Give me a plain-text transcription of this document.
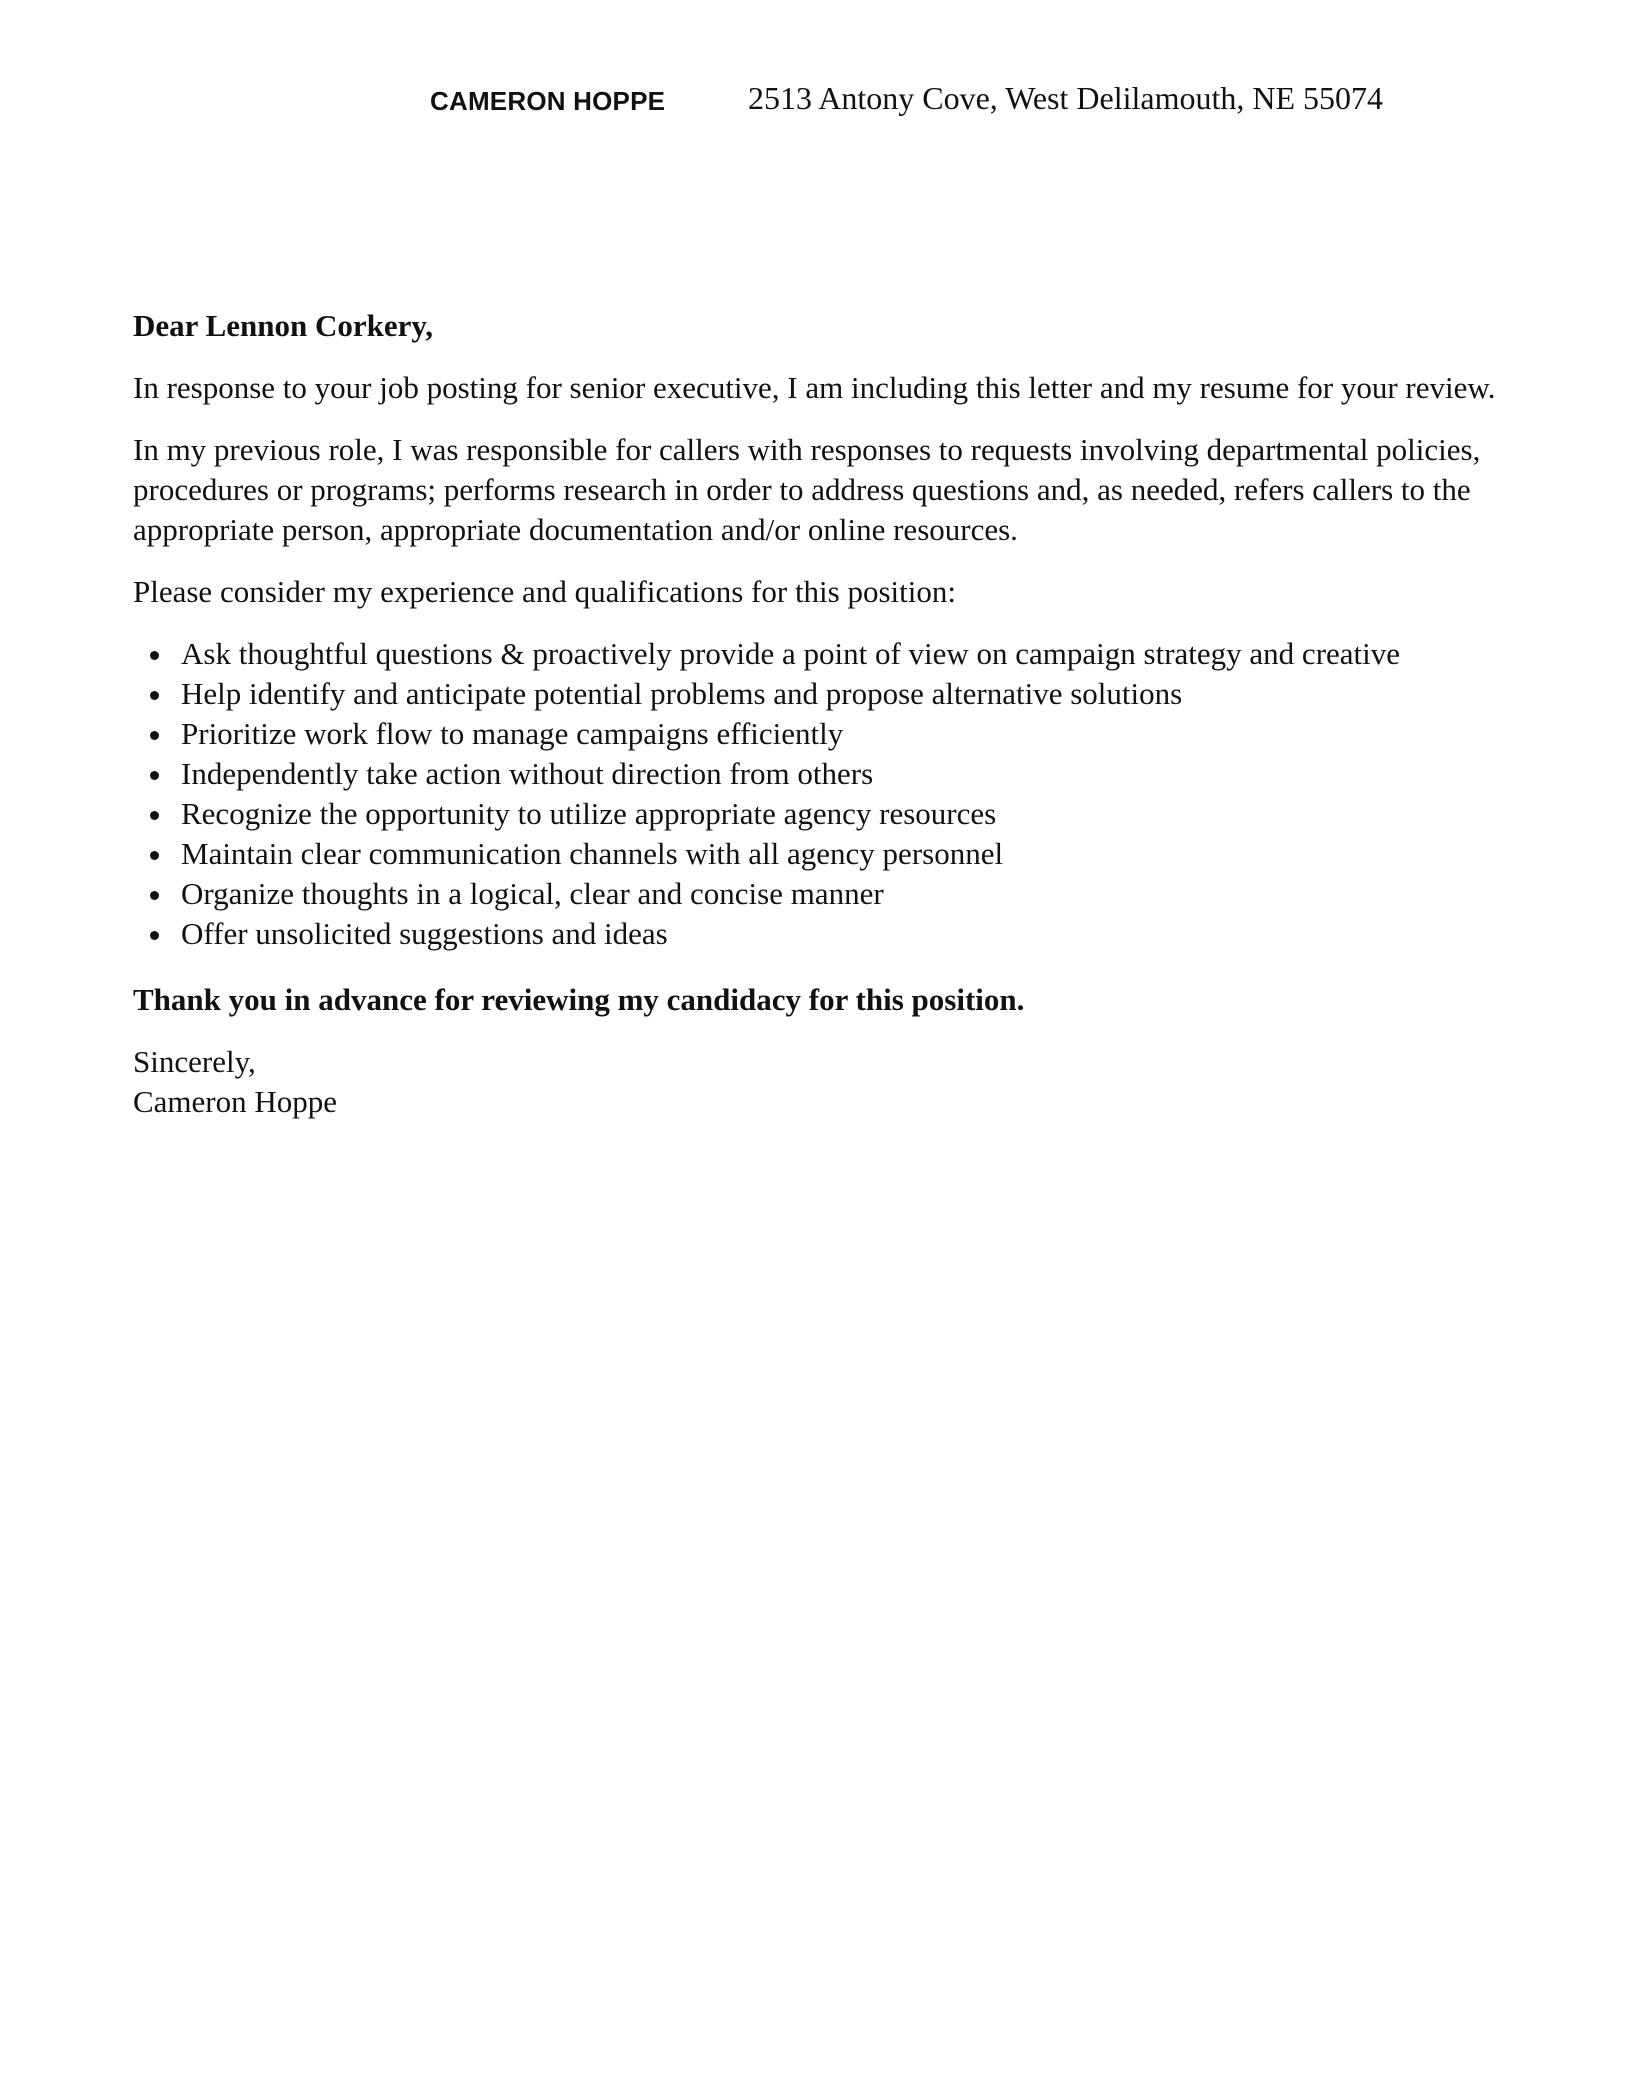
CAMERON HOPPE	2513 Antony Cove, West Delilamouth, NE 55074

Dear Lennon Corkery,

In response to your job posting for senior executive, I am including this letter and my resume for your review.

In my previous role, I was responsible for callers with responses to requests involving departmental policies, procedures or programs; performs research in order to address questions and, as needed, refers callers to the appropriate person, appropriate documentation and/or online resources.

Please consider my experience and qualifications for this position:

Ask thoughtful questions & proactively provide a point of view on campaign strategy and creative
Help identify and anticipate potential problems and propose alternative solutions
Prioritize work flow to manage campaigns efficiently
Independently take action without direction from others
Recognize the opportunity to utilize appropriate agency resources
Maintain clear communication channels with all agency personnel
Organize thoughts in a logical, clear and concise manner
Offer unsolicited suggestions and ideas

Thank you in advance for reviewing my candidacy for this position.

Sincerely,

Cameron Hoppe
